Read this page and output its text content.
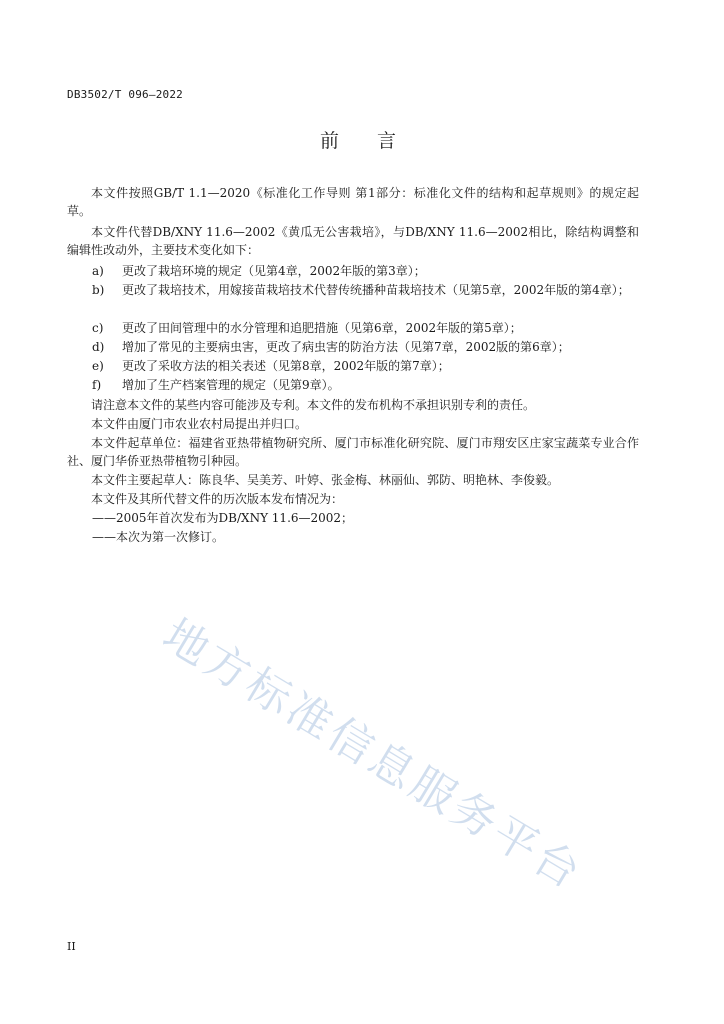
DB3502/T 096—2022
前言
本文件按照GB/T 1.1—2020《标准化工作导则 第1部分：标准化文件的结构和起草规则》的规定起草。
本文件代替DB/XNY 11.6—2002《黄瓜无公害栽培》，与DB/XNY 11.6—2002相比，除结构调整和编辑性改动外，主要技术变化如下：
a)	更改了栽培环境的规定（见第4章，2002年版的第3章）；
b)	更改了栽培技术，用嫁接苗栽培技术代替传统播种苗栽培技术（见第5章，2002年版的第4章）；
c)	更改了田间管理中的水分管理和追肥措施（见第6章，2002年版的第5章）；
d)	增加了常见的主要病虫害，更改了病虫害的防治方法（见第7章，2002版的第6章）；
e)	更改了采收方法的相关表述（见第8章，2002年版的第7章）；
f)	增加了生产档案管理的规定（见第9章）。
请注意本文件的某些内容可能涉及专利。本文件的发布机构不承担识别专利的责任。
本文件由厦门市农业农村局提出并归口。
本文件起草单位：福建省亚热带植物研究所、厦门市标准化研究院、厦门市翔安区庄家宝蔬菜专业合作社、厦门华侨亚热带植物引种园。
本文件主要起草人：陈良华、吴美芳、叶婷、张金梅、林丽仙、郭防、明艳林、李俊毅。
本文件及其所代替文件的历次版本发布情况为：
——2005年首次发布为DB/XNY 11.6—2002；
——本次为第一次修订。
地方标准信息服务平台
II
